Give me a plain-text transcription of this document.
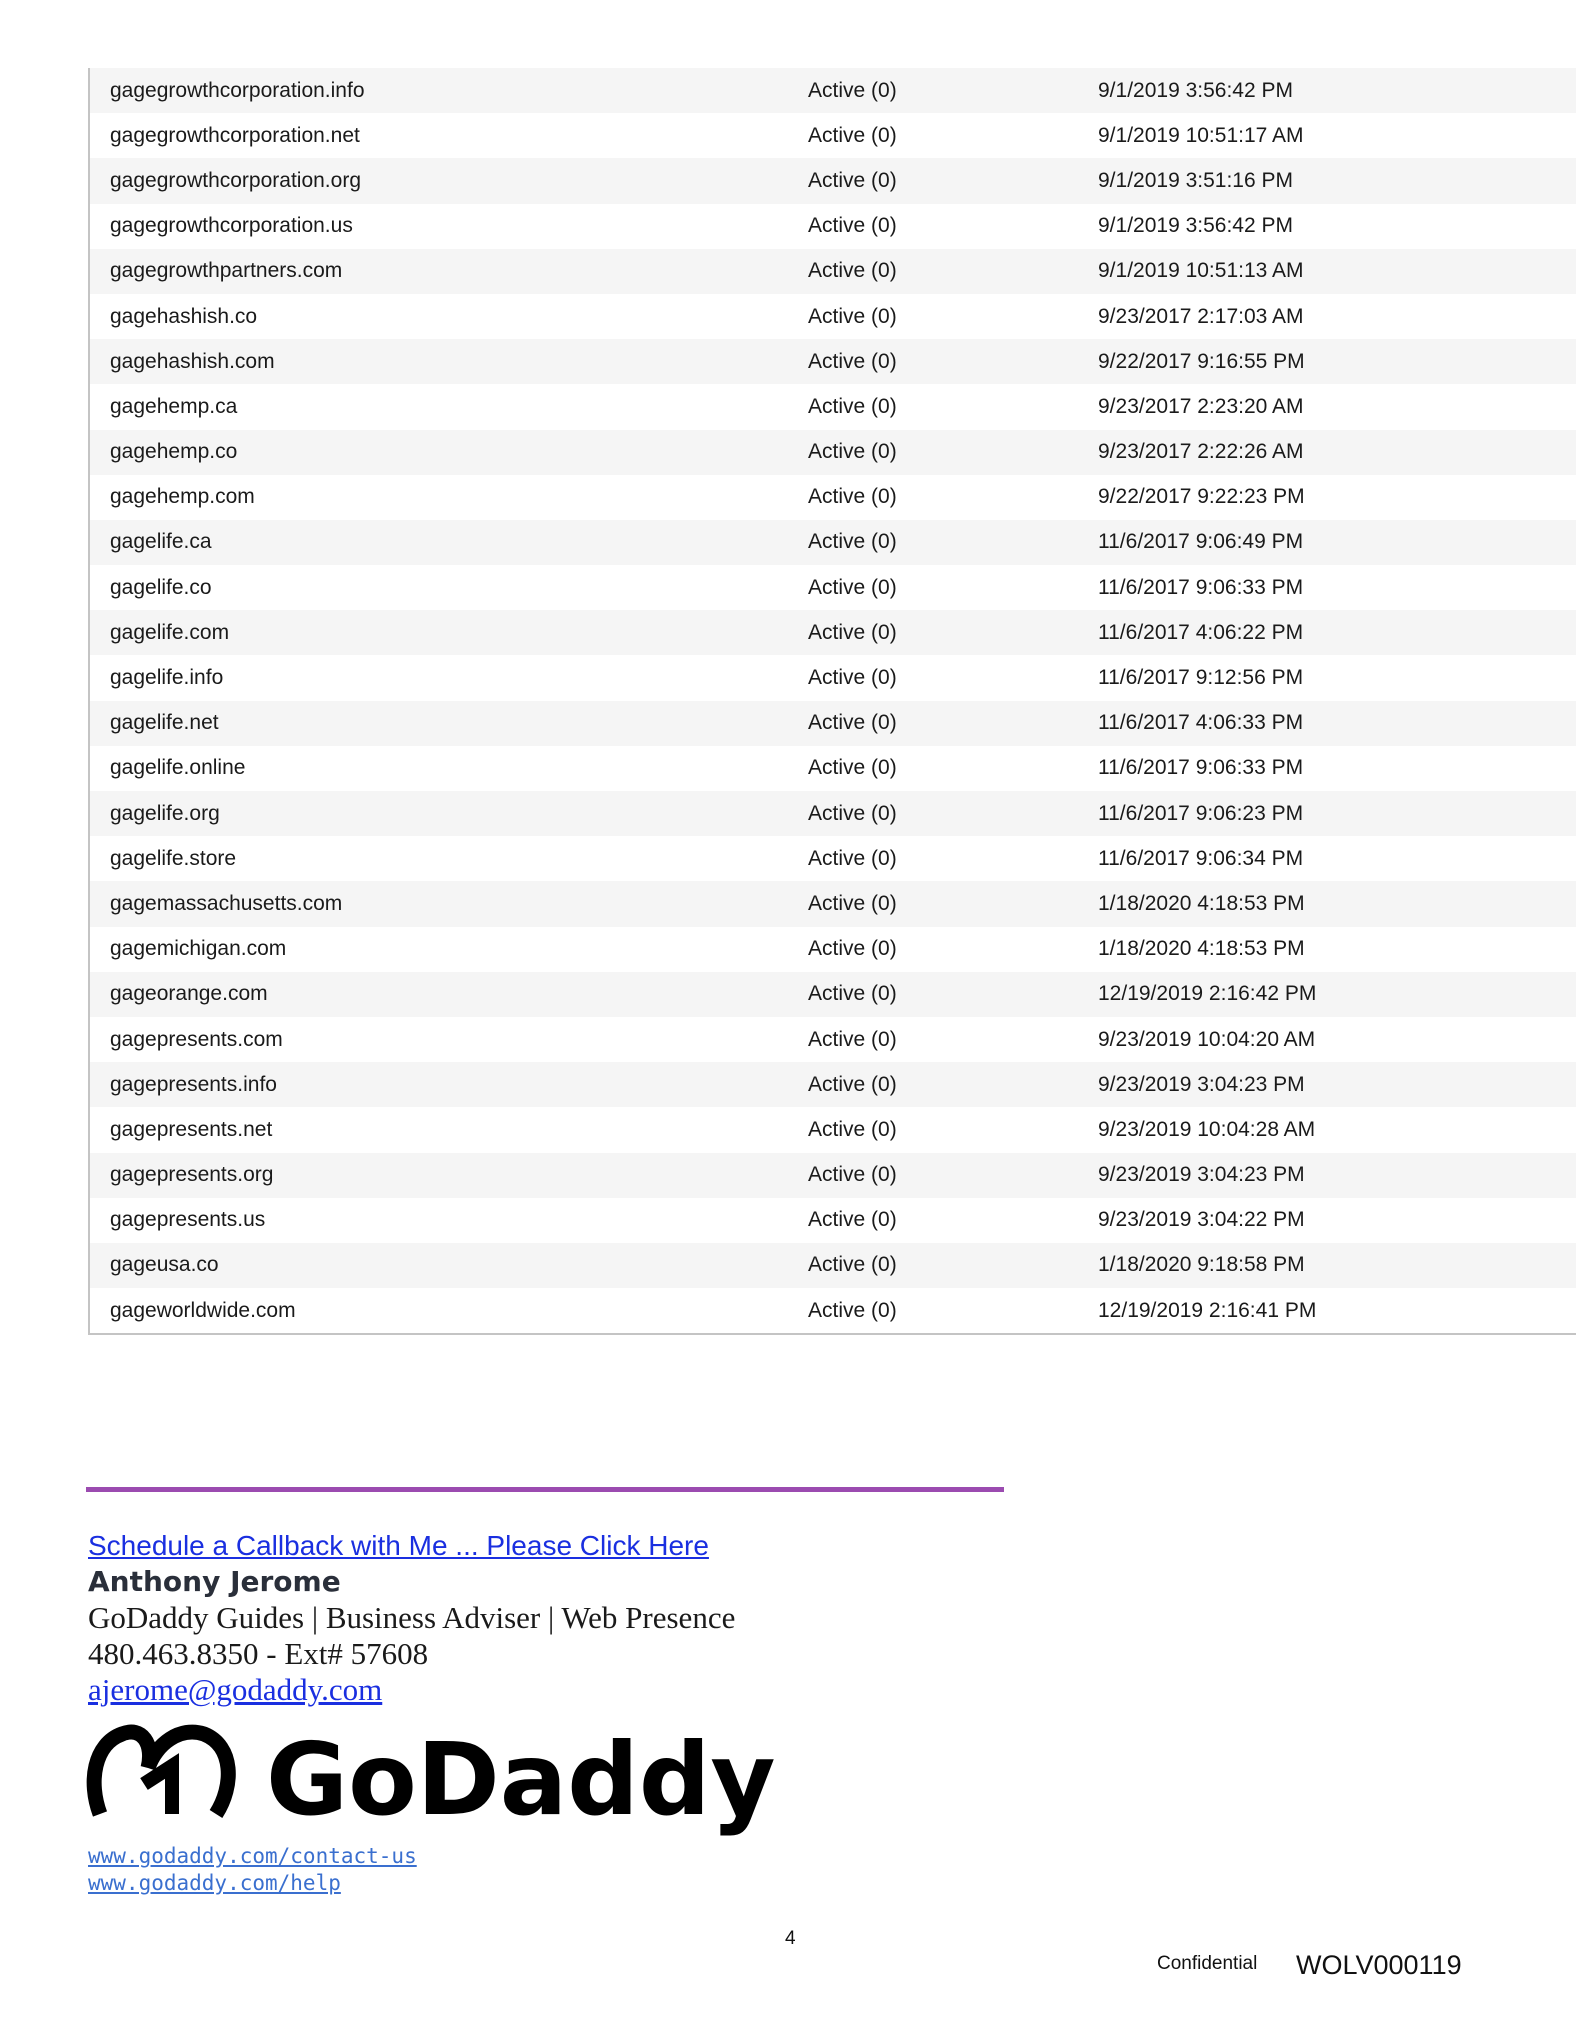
gagegrowthcorporation.info	Active (0)	9/1/2019 3:56:42 PM
gagegrowthcorporation.net	Active (0)	9/1/2019 10:51:17 AM
gagegrowthcorporation.org	Active (0)	9/1/2019 3:51:16 PM
gagegrowthcorporation.us	Active (0)	9/1/2019 3:56:42 PM
gagegrowthpartners.com	Active (0)	9/1/2019 10:51:13 AM
gagehashish.co	Active (0)	9/23/2017 2:17:03 AM
gagehashish.com	Active (0)	9/22/2017 9:16:55 PM
gagehemp.ca	Active (0)	9/23/2017 2:23:20 AM
gagehemp.co	Active (0)	9/23/2017 2:22:26 AM
gagehemp.com	Active (0)	9/22/2017 9:22:23 PM
gagelife.ca	Active (0)	11/6/2017 9:06:49 PM
gagelife.co	Active (0)	11/6/2017 9:06:33 PM
gagelife.com	Active (0)	11/6/2017 4:06:22 PM
gagelife.info	Active (0)	11/6/2017 9:12:56 PM
gagelife.net	Active (0)	11/6/2017 4:06:33 PM
gagelife.online	Active (0)	11/6/2017 9:06:33 PM
gagelife.org	Active (0)	11/6/2017 9:06:23 PM
gagelife.store	Active (0)	11/6/2017 9:06:34 PM
gagemassachusetts.com	Active (0)	1/18/2020 4:18:53 PM
gagemichigan.com	Active (0)	1/18/2020 4:18:53 PM
gageorange.com	Active (0)	12/19/2019 2:16:42 PM
gagepresents.com	Active (0)	9/23/2019 10:04:20 AM
gagepresents.info	Active (0)	9/23/2019 3:04:23 PM
gagepresents.net	Active (0)	9/23/2019 10:04:28 AM
gagepresents.org	Active (0)	9/23/2019 3:04:23 PM
gagepresents.us	Active (0)	9/23/2019 3:04:22 PM
gageusa.co	Active (0)	1/18/2020 9:18:58 PM
gageworldwide.com	Active (0)	12/19/2019 2:16:41 PM
Schedule a Callback with Me ... Please Click Here
Anthony Jerome
GoDaddy Guides | Business Adviser | Web Presence
480.463.8350 - Ext# 57608
ajerome@godaddy.com
GoDaddy
www.godaddy.com/contact-us
www.godaddy.com/help
4
Confidential WOLV000119
